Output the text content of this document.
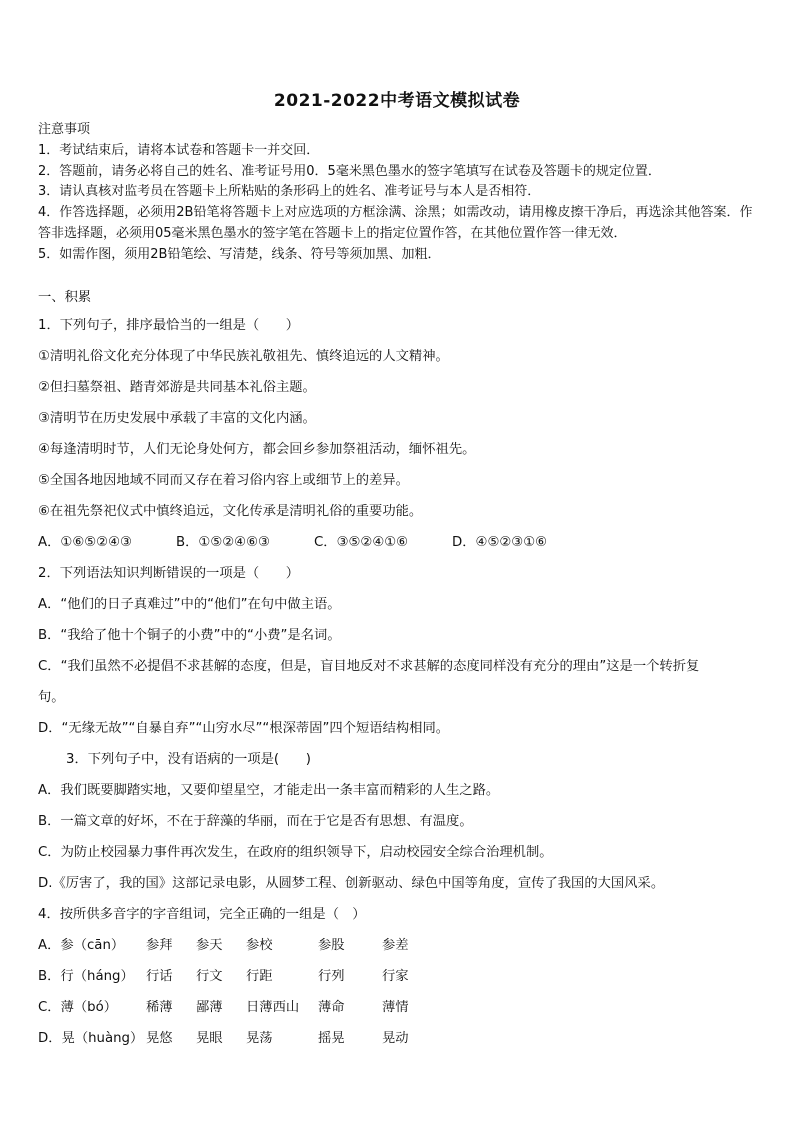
2021-2022中考语文模拟试卷
注意事项
1．考试结束后，请将本试卷和答题卡一并交回．
2．答题前，请务必将自己的姓名、准考证号用0．5毫米黑色墨水的签字笔填写在试卷及答题卡的规定位置．
3．请认真核对监考员在答题卡上所粘贴的条形码上的姓名、准考证号与本人是否相符．
4．作答选择题，必须用2B铅笔将答题卡上对应选项的方框涂满、涂黑；如需改动，请用橡皮擦干净后，再选涂其他答案．作答非选择题，必须用05毫米黑色墨水的签字笔在答题卡上的指定位置作答，在其他位置作答一律无效．
5．如需作图，须用2B铅笔绘、写清楚，线条、符号等须加黑、加粗．
一、积累
1．下列句子，排序最恰当的一组是（　　）
①清明礼俗文化充分体现了中华民族礼敬祖先、慎终追远的人文精神。
②但扫墓祭祖、踏青郊游是共同基本礼俗主题。
③清明节在历史发展中承载了丰富的文化内涵。
④每逢清明时节，人们无论身处何方，都会回乡参加祭祖活动，缅怀祖先。
⑤全国各地因地域不同而又存在着习俗内容上或细节上的差异。
⑥在祖先祭祀仪式中慎终追远，文化传承是清明礼俗的重要功能。
A．①⑥⑤②④③	B．①⑤②④⑥③	C．③⑤②④①⑥	D．④⑤②③①⑥
2．下列语法知识判断错误的一项是（　　）
A．“他们的日子真难过”中的“他们”在句中做主语。
B．“我给了他十个铜子的小费”中的“小费”是名词。
C．“我们虽然不必提倡不求甚解的态度，但是，盲目地反对不求甚解的态度同样没有充分的理由”这是一个转折复
句。
D．“无缘无故”“自暴自弃”“山穷水尽”“根深蒂固”四个短语结构相同。
3．下列句子中，没有语病的一项是(　　)
A．我们既要脚踏实地，又要仰望星空，才能走出一条丰富而精彩的人生之路。
B．一篇文章的好坏，不在于辞藻的华丽，而在于它是否有思想、有温度。
C．为防止校园暴力事件再次发生，在政府的组织领导下，启动校园安全综合治理机制。
D.《厉害了，我的国》这部记录电影，从圆梦工程、创新驱动、绿色中国等角度，宣传了我国的大国风采。
4．按所供多音字的字音组词，完全正确的一组是（　）
A．参（cān） 参拜 参天 参校	参股	参差
B．行（háng） 行话 行文 行距	行列	行家
C．薄（bó） 稀薄 鄙薄 日薄西山 薄命	薄情
D．晃（huàng） 晃悠 晃眼 晃荡	摇晃	晃动
